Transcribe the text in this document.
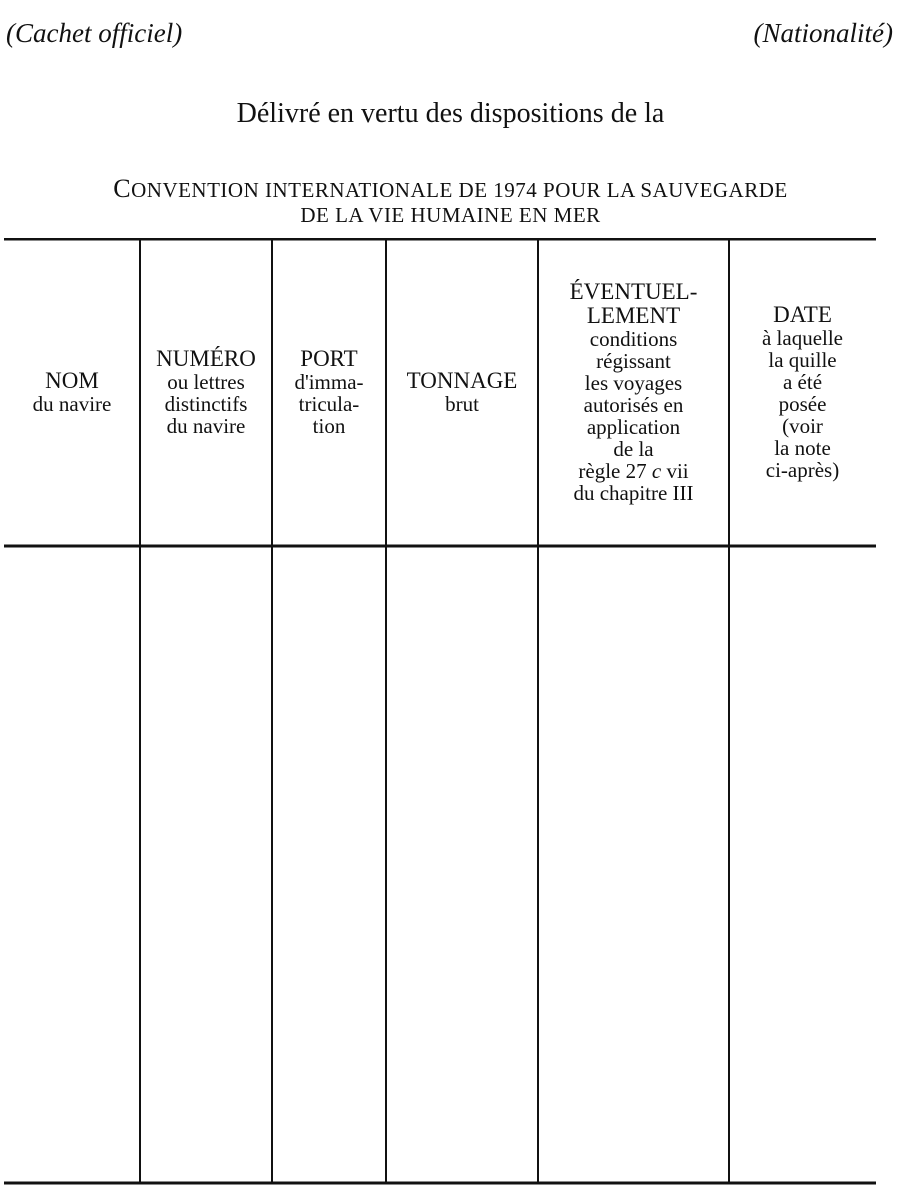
(Cachet officiel)	(Nationalité)
Délivré en vertu des dispositions de la
CONVENTION INTERNATIONALE DE 1974 POUR LA SAUVEGARDE
DE LA VIE HUMAINE EN MER
NOM
du navire
NUMÉRO
ou lettres
distinctifs
du navire
PORT
d'imma-
tricula-
tion
TONNAGE
brut
ÉVENTUEL-
LEMENT
conditions
régissant
les voyages
autorisés en
application
de la
règle 27 c vii
du chapitre III
DATE
à laquelle
la quille
a été
posée
(voir
la note
ci-après)
